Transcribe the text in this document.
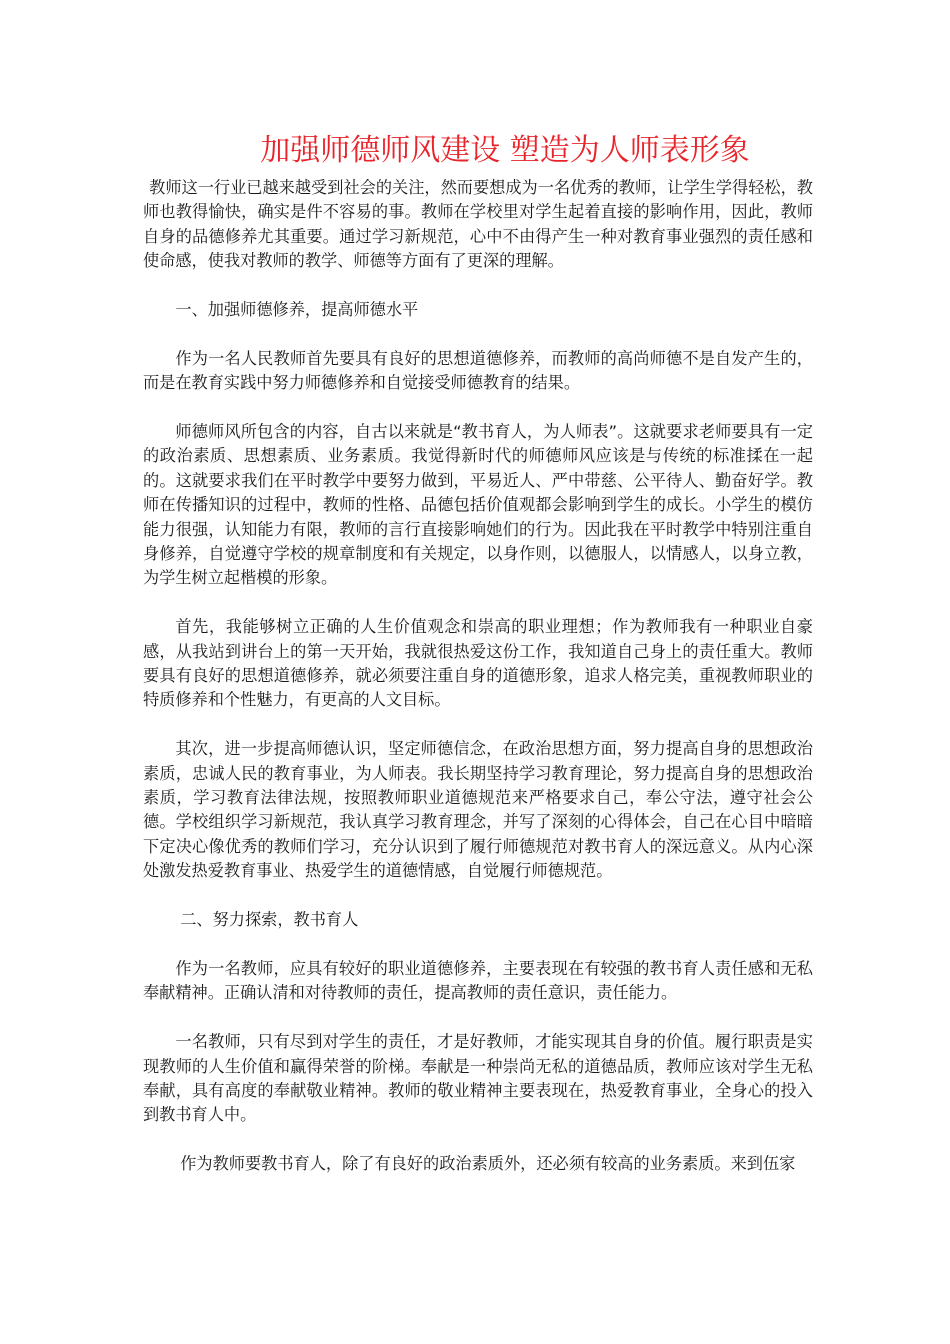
加强师德师风建设 塑造为人师表形象

教师这一行业已越来越受到社会的关注，然而要想成为一名优秀的教师，让学生学得轻松，教师也教得愉快，确实是件不容易的事。教师在学校里对学生起着直接的影响作用，因此，教师自身的品德修养尤其重要。通过学习新规范，心中不由得产生一种对教育事业强烈的责任感和使命感，使我对教师的教学、师德等方面有了更深的理解。

一、加强师德修养，提高师德水平

作为一名人民教师首先要具有良好的思想道德修养，而教师的高尚师德不是自发产生的，而是在教育实践中努力师德修养和自觉接受师德教育的结果。

师德师风所包含的内容，自古以来就是“教书育人，为人师表”。这就要求老师要具有一定的政治素质、思想素质、业务素质。我觉得新时代的师德师风应该是与传统的标准揉在一起的。这就要求我们在平时教学中要努力做到，平易近人、严中带慈、公平待人、勤奋好学。教师在传播知识的过程中，教师的性格、品德包括价值观都会影响到学生的成长。小学生的模仿能力很强，认知能力有限，教师的言行直接影响她们的行为。因此我在平时教学中特别注重自身修养，自觉遵守学校的规章制度和有关规定，以身作则，以德服人，以情感人，以身立教，为学生树立起楷模的形象。

首先，我能够树立正确的人生价值观念和崇高的职业理想；作为教师我有一种职业自豪感，从我站到讲台上的第一天开始，我就很热爱这份工作，我知道自己身上的责任重大。教师要具有良好的思想道德修养，就必须要注重自身的道德形象，追求人格完美，重视教师职业的特质修养和个性魅力，有更高的人文目标。

其次，进一步提高师德认识，坚定师德信念，在政治思想方面，努力提高自身的思想政治素质，忠诚人民的教育事业，为人师表。我长期坚持学习教育理论，努力提高自身的思想政治素质，学习教育法律法规，按照教师职业道德规范来严格要求自己，奉公守法，遵守社会公德。学校组织学习新规范，我认真学习教育理念，并写了深刻的心得体会，自己在心目中暗暗下定决心像优秀的教师们学习，充分认识到了履行师德规范对教书育人的深远意义。从内心深处激发热爱教育事业、热爱学生的道德情感，自觉履行师德规范。

二、努力探索，教书育人

作为一名教师，应具有较好的职业道德修养，主要表现在有较强的教书育人责任感和无私奉献精神。正确认清和对待教师的责任，提高教师的责任意识，责任能力。

一名教师，只有尽到对学生的责任，才是好教师，才能实现其自身的价值。履行职责是实现教师的人生价值和赢得荣誉的阶梯。奉献是一种崇尚无私的道德品质，教师应该对学生无私奉献，具有高度的奉献敬业精神。教师的敬业精神主要表现在，热爱教育事业，全身心的投入到教书育人中。

作为教师要教书育人，除了有良好的政治素质外，还必须有较高的业务素质。来到伍家
